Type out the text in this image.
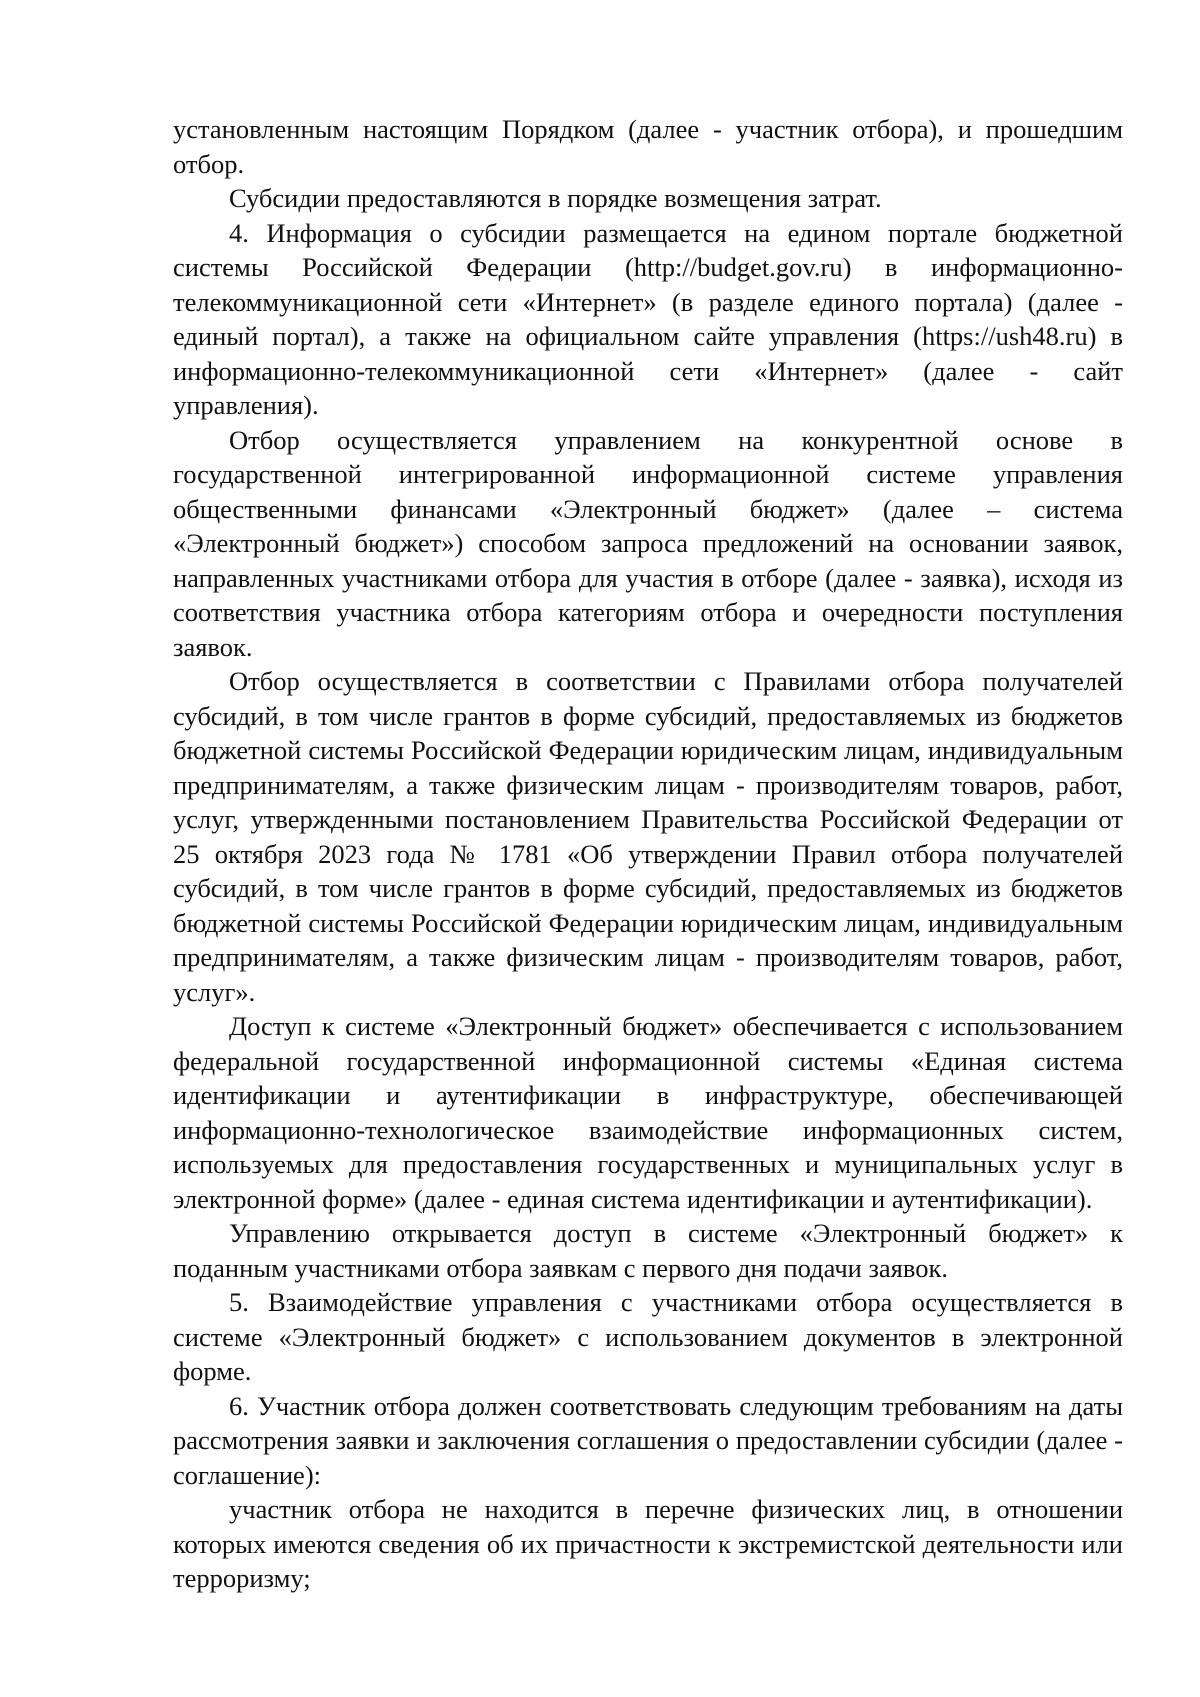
установленным настоящим Порядком (далее - участник отбора), и прошедшим отбор.

Субсидии предоставляются в порядке возмещения затрат.

4. Информация о субсидии размещается на едином портале бюджетной системы Российской Федерации (http://budget.gov.ru) в информационно-телекоммуникационной сети «Интернет» (в разделе единого портала) (далее - единый портал), а также на официальном сайте управления (https://ush48.ru) в информационно-телекоммуникационной сети «Интернет» (далее - сайт управления).

Отбор осуществляется управлением на конкурентной основе в государственной интегрированной информационной системе управления общественными финансами «Электронный бюджет» (далее – система «Электронный бюджет») способом запроса предложений на основании заявок, направленных участниками отбора для участия в отборе (далее - заявка), исходя из соответствия участника отбора категориям отбора и очередности поступления заявок.

Отбор осуществляется в соответствии с Правилами отбора получателей субсидий, в том числе грантов в форме субсидий, предоставляемых из бюджетов бюджетной системы Российской Федерации юридическим лицам, индивидуальным предпринимателям, а также физическим лицам - производителям товаров, работ, услуг, утвержденными постановлением Правительства Российской Федерации от 25 октября 2023 года № 1781 «Об утверждении Правил отбора получателей субсидий, в том числе грантов в форме субсидий, предоставляемых из бюджетов бюджетной системы Российской Федерации юридическим лицам, индивидуальным предпринимателям, а также физическим лицам - производителям товаров, работ, услуг».

Доступ к системе «Электронный бюджет» обеспечивается с использованием федеральной государственной информационной системы «Единая система идентификации и аутентификации в инфраструктуре, обеспечивающей информационно-технологическое взаимодействие информационных систем, используемых для предоставления государственных и муниципальных услуг в электронной форме» (далее - единая система идентификации и аутентификации).

Управлению открывается доступ в системе «Электронный бюджет» к поданным участниками отбора заявкам с первого дня подачи заявок.

5. Взаимодействие управления с участниками отбора осуществляется в системе «Электронный бюджет» с использованием документов в электронной форме.

6. Участник отбора должен соответствовать следующим требованиям на даты рассмотрения заявки и заключения соглашения о предоставлении субсидии (далее - соглашение):

участник отбора не находится в перечне физических лиц, в отношении которых имеются сведения об их причастности к экстремистской деятельности или терроризму;
